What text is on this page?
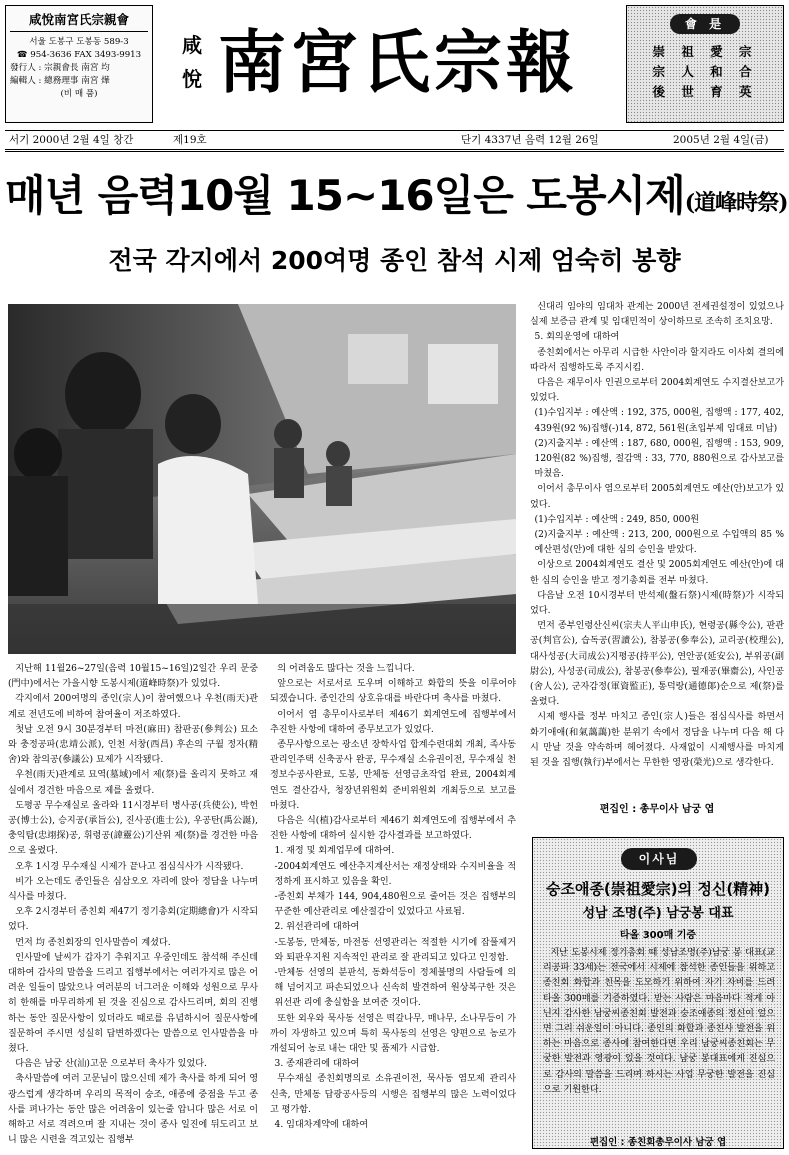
咸悅南宮氏宗親會
서울 도봉구 도봉동 589-3
☎ 954-3636 FAX 3493-9913
發行人 : 宗親會長 南宮 均
編輯人 : 總務理事 南宮 燁
(비 매 품)
咸
悅 南宮氏宗報	會 是
崇 祖 愛 宗
宗 人 和 合
後 世 育 英
서기 2000년 2월 4일 창간	제19호	단기 4337년 음력 12월 26일	2005년 2월 4일(금)
매년 음력10월 15~16일은 도봉시제(道峰時祭)
전국 각지에서 200여명 종인 참석 시제 엄숙히 봉향

지난해 11월26~27일(음력 10월15~16일)2일간 우리 문중(門中)에서는 가을시향 도봉시제(道峰時祭)가 있었다.

각지에서 200여명의 종인(宗人)이 참여했으나 우천(雨天)관계로 전년도에 비하여 참여율이 저조하였다.

첫날 오전 9시 30분경부터 마전(麻田) 참판공(參判公) 묘소와 충정공파(忠靖公派), 인천 서창(西昌) 후손의 구월 정자(精舍)와 참의공(參議公) 묘제가 시작됐다.

우천(雨天)관계로 묘역(墓域)에서 제(祭)를 올리지 못하고 재실에서 경건한 마음으로 제를 올렸다.

도평공 무수재실로 올라와 11시경부터 병사공(兵使公), 박헌공(博士公), 승지공(承旨公), 진사공(進士公), 우공탄(禹公誕), 충익탐(忠翊探)공, 휘령공(諱靈公)기산위 제(祭)를 경건한 마음으로 올렸다.

오후 1시경 무수재실 시제가 끝나고 점심식사가 시작됐다.

비가 오는데도 종인들은 심삼오오 자리에 앉아 정담을 나누며 식사를 마쳤다.

오후 2시경부터 종친회 제47기 정기총회(定期總會)가 시작되었다.

먼저 均 종친회장의 인사말씀이 계셨다.

인사말에 날씨가 갑자기 추워지고 우중인데도 참석해 주신데 대하여 감사의 말씀을 드리고 집행부에서는 여러가지로 많은 어려운 일들이 많았으나 여러분의 너그러운 이해와 성원으로 무사히 한해를 마무리하게 된 것을 진심으로 감사드리며, 회의 진행하는 동안 질문사항이 있더라도 때로를 유념하시어 질문사항에 질문하여 주시면 성실히 답변하겠다는 말씀으로 인사말씀을 마쳤다.

다음은 남궁 산(汕)고문 으로부터 축사가 있었다.

축사말씀에 여러 고문님이 많으신데 제가 축사를 하게 되어 영광스럽게 생각하며 우리의 목적이 숭조, 애종에 중점을 두고 종사를 펴나가는 동안 많은 어려움이 있는줄 압니다 많은 서로 이해하고 서로 격려으며 잘 지내는 것이 종사 일진에 뒤도리고 보니 많은 시련을 격고있는 집행부

의 어려움도 많다는 것을 느낍니다.

앞으로는 서로서로 도우며 이해하고 화합의 뜻을 이루어야 되겠습니다. 종인간의 상호유대를 바란다며 축사를 마쳤다.

이어서 염 총무이사로부터 제46기 회계연도에 집행부에서 추진한 사항에 대하여 종무보고가 있었다.

종무사항으로는 광소년 장학사업 합계수련대회 개최, 족사동관리인주택 신축공사 완공, 무수재실 소유권이전, 무수재실 천정보수공사완료, 도봉, 만체동 선영금초작업 완료, 2004회계연도 결산감사, 청장년위원회 준비위원회 개최등으로 보고를 마쳤다.

다음은 식(植)감사로부터 제46기 회계연도에 집행부에서 추진한 사항에 대하여 실시한 감사결과를 보고하였다.

1. 재정 및 회계업무에 대하여.

-2004회계연도 예산추지계산서는 재정상태와 수지비율을 적정하게 표시하고 있음을 확인.

-종친회 부채가 144, 904,480원으로 줄어든 것은 집행부의 꾸준한 예산관리로 예산절감이 있었다고 사료됨.

2. 위선관리에 대하여

-도봉동, 만체동, 마전동 선영관리는 적절한 시기에 잡풀제거와 퇴판우지원 지속적인 관리로 잘 관리되고 있다고 인정함.

-만체동 선영의 분판석, 동화석등이 정체불명의 사람들에 의해 넘어지고 파손되었으나 신속히 발견하여 원상복구한 것은 위선관 리에 충실함을 보여준 것이다.

또한 외우와 묵사동 선영은 떡갈나무, 매나무, 소나무등이 가까이 자생하고 있으며 특히 묵사동의 선영은 양편으로 농로가 개설되어 농로 내는 대안 및 품제가 시급함.

3. 종재관리에 대하여

무수재실 종친회명의로 소유권이전, 묵사동 염모제 관리사 신축, 만체동 답광공사등의 시행은 집행부의 많은 노력이었다고 평가함.

4. 임대차계약에 대하여

신대리 임야의 임대차 관계는 2000년 전세권설정이 있었으나 실제 보증금 관계 및 임대민적이 상이하므로 조속히 조치요망.

5. 회의운영에 대하여

종친회에서는 아무리 시급한 사안이라 할지라도 이사회 결의에 따라서 집행하도록 주지시킴.

다음은 재무이사 인권으로부터 2004회계연도 수지결산보고가 있었다.

(1)수입지부 : 예산액 : 192, 375, 000원, 집행액 : 177, 402, 439원(92 %)집행(-)14, 872, 561원(초입부제 임대료 미납)

(2)지출지부 : 예산액 : 187, 680, 000원, 집행액 : 153, 909, 120원(82 %)집행, 절감액 : 33, 770, 880원으로 감사보고를 마쳤음.

이어서 총무이사 염으로부터 2005회계연도 예산(안)보고가 있었다.

(1)수입지부 : 예산액 : 249, 850, 000원

(2)지출지부 : 예산액 : 213, 200, 000원으로 수입액의 85 % 예산편성(안)에 대한 심의 승인을 받았다.

이상으로 2004회계연도 결산 및 2005회계연도 예산(안)에 대한 심의 승인을 받고 정기총회를 전부 마쳤다.

다음날 오전 10시경부터 반석제(盤石祭)시제(時祭)가 시작되었다.

먼저 종부인령산신씨(宗夫人平山申氏), 현령공(縣令公), 판관공(判官公), 습독공(習讀公), 참봉공(參奉公), 교리공(校理公), 대사성공(大司成公)지평공(持平公), 연안공(延安公), 부위공(副尉公), 사성공(司成公), 참봉공(參奉公), 필재공(畢齋公), 사인공(舍人公), 군자감정(軍資監正), 통덕랑(通德郞)순으로 제(祭)를 올렸다.

시제 행사를 정부 마치고 종인(宗人)들은 점심식사를 하면서 화기애애(和氣藹藹)한 분위기 속에서 정담을 나누며 다음 해 다시 만날 것을 약속하며 헤어졌다. 사재없이 시제행사를 마치게 된 것을 집행(執行)부에서는 무한한 영광(榮光)으로 생각한다.

편집인 : 총무이사 남궁 엽
이사님
숭조애종(崇祖愛宗)의 정신(精神)
성남 조명(주) 남궁봉 대표
타올 300매 기증

지난 도봉시제 정기총회 때 성남조명(주)남궁 봉 대표(교리공파 33세)는 전국에서 시제에 참석한 종인들을 위하고 종친회 화합과 친목을 도모하기 위하여 자기 자비를 드려 타올 300매를 기증하였다. 받는 사람은 마음마다 적게 아닌지 감사한 남궁씨종친회 발전과 숭조애종의 정신이 얼으면 그리 쉬운일이 아니다. 종인의 화합과 종친사 발전을 위하는 마음으로 종사에 참여한다면 우리 남궁씨종친회는 무궁한 발전과 영광이 있을 것이다. 남궁 봉대표에게 진심으로 감사의 말씀을 드리며 하시는 사업 무궁한 발전을 진심으로 기원한다.

편집인 : 종친회총무이사 남궁 엽
